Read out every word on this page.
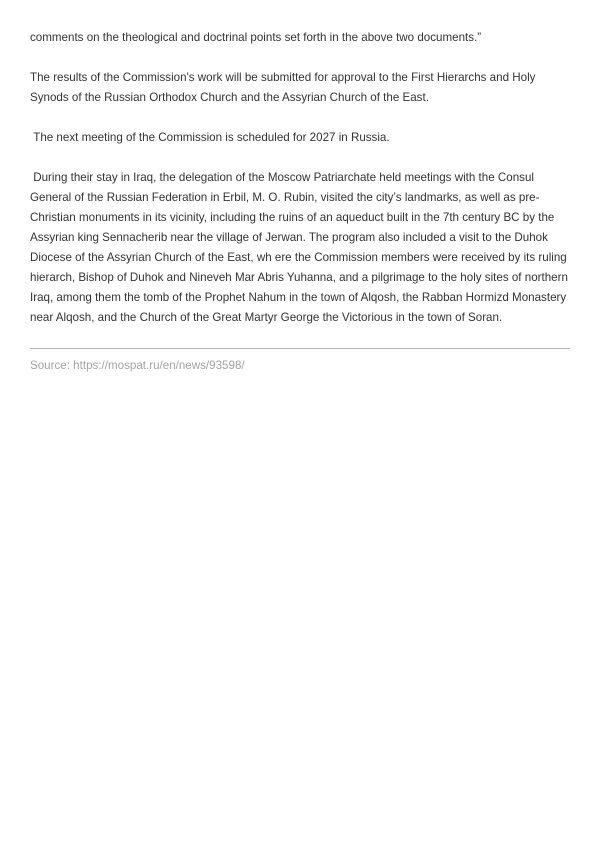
comments on the theological and doctrinal points set forth in the above two documents.”

The results of the Commission's work will be submitted for approval to the First Hierarchs and Holy Synods of the Russian Orthodox Church and the Assyrian Church of the East.

The next meeting of the Commission is scheduled for 2027 in Russia.

During their stay in Iraq, the delegation of the Moscow Patriarchate held meetings with the Consul General of the Russian Federation in Erbil, M. O. Rubin, visited the city’s landmarks, as well as pre-Christian monuments in its vicinity, including the ruins of an aqueduct built in the 7th century BC by the Assyrian king Sennacherib near the village of Jerwan. The program also included a visit to the Duhok Diocese of the Assyrian Church of the East, wh ere the Commission members were received by its ruling hierarch, Bishop of Duhok and Nineveh Mar Abris Yuhanna, and a pilgrimage to the holy sites of northern Iraq, among them the tomb of the Prophet Nahum in the town of Alqosh, the Rabban Hormizd Monastery near Alqosh, and the Church of the Great Martyr George the Victorious in the town of Soran.

Source: https://mospat.ru/en/news/93598/
